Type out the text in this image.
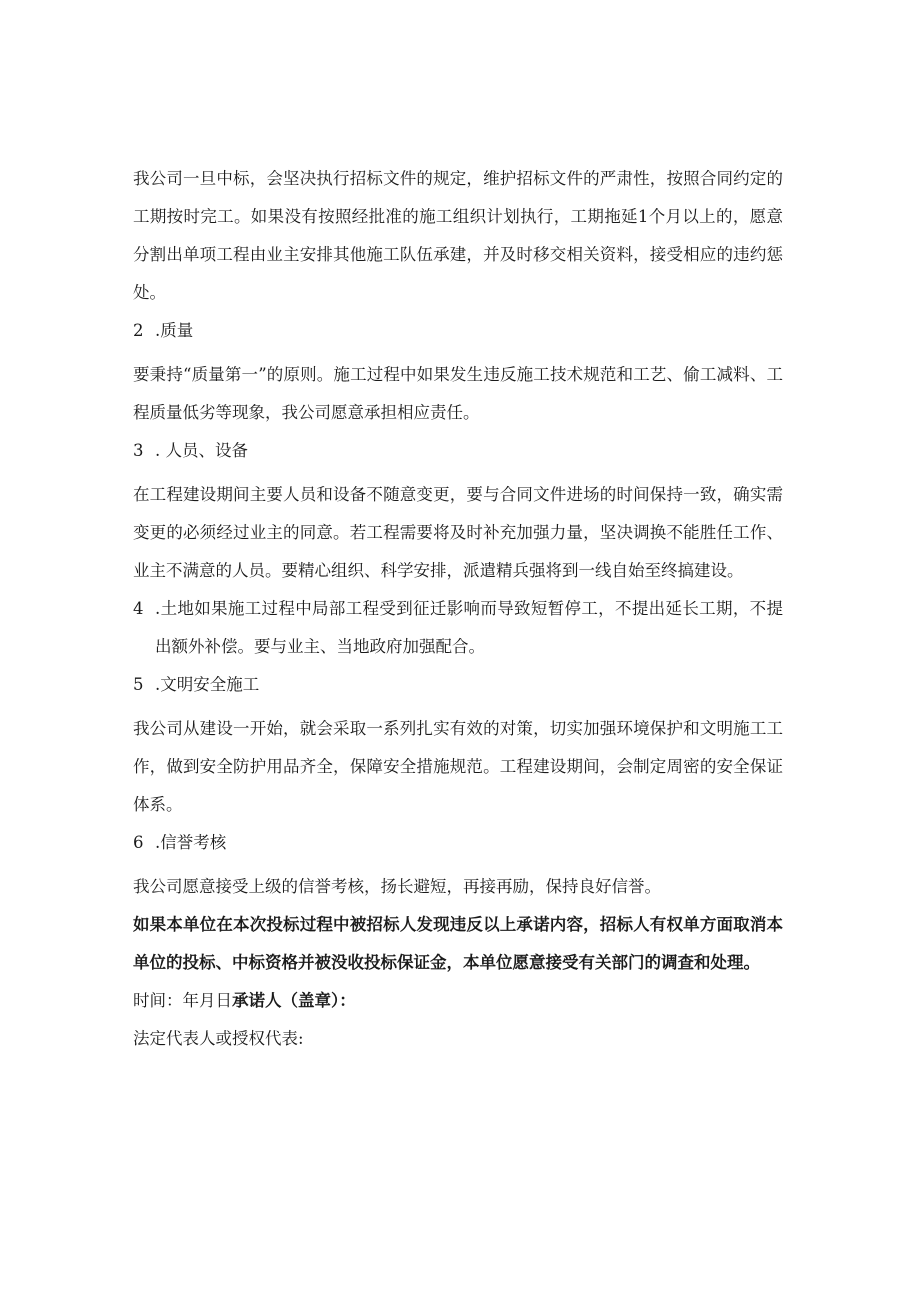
我公司一旦中标，会坚决执行招标文件的规定，维护招标文件的严肃性，按照合同约定的工期按时完工。如果没有按照经批准的施工组织计划执行，工期拖延1个月以上的，愿意分割出单项工程由业主安排其他施工队伍承建，并及时移交相关资料，接受相应的违约惩处。

2 .质量

要秉持“质量第一”的原则。施工过程中如果发生违反施工技术规范和工艺、偷工减料、工程质量低劣等现象，我公司愿意承担相应责任。

3 . 人员、设备

在工程建设期间主要人员和设备不随意变更，要与合同文件进场的时间保持一致，确实需变更的必须经过业主的同意。若工程需要将及时补充加强力量，坚决调换不能胜任工作、业主不满意的人员。要精心组织、科学安排，派遣精兵强将到一线自始至终搞建设。

4 .土地如果施工过程中局部工程受到征迁影响而导致短暂停工，不提出延长工期，不提出额外补偿。要与业主、当地政府加强配合。
5 .文明安全施工

我公司从建设一开始，就会采取一系列扎实有效的对策，切实加强环境保护和文明施工工作，做到安全防护用品齐全，保障安全措施规范。工程建设期间，会制定周密的安全保证体系。

6 .信誉考核

我公司愿意接受上级的信誉考核，扬长避短，再接再励，保持良好信誉。

如果本单位在本次投标过程中被招标人发现违反以上承诺内容，招标人有权单方面取消本单位的投标、中标资格并被没收投标保证金，本单位愿意接受有关部门的调查和处理。

时间：年月日承诺人（盖章）：

法定代表人或授权代表:
